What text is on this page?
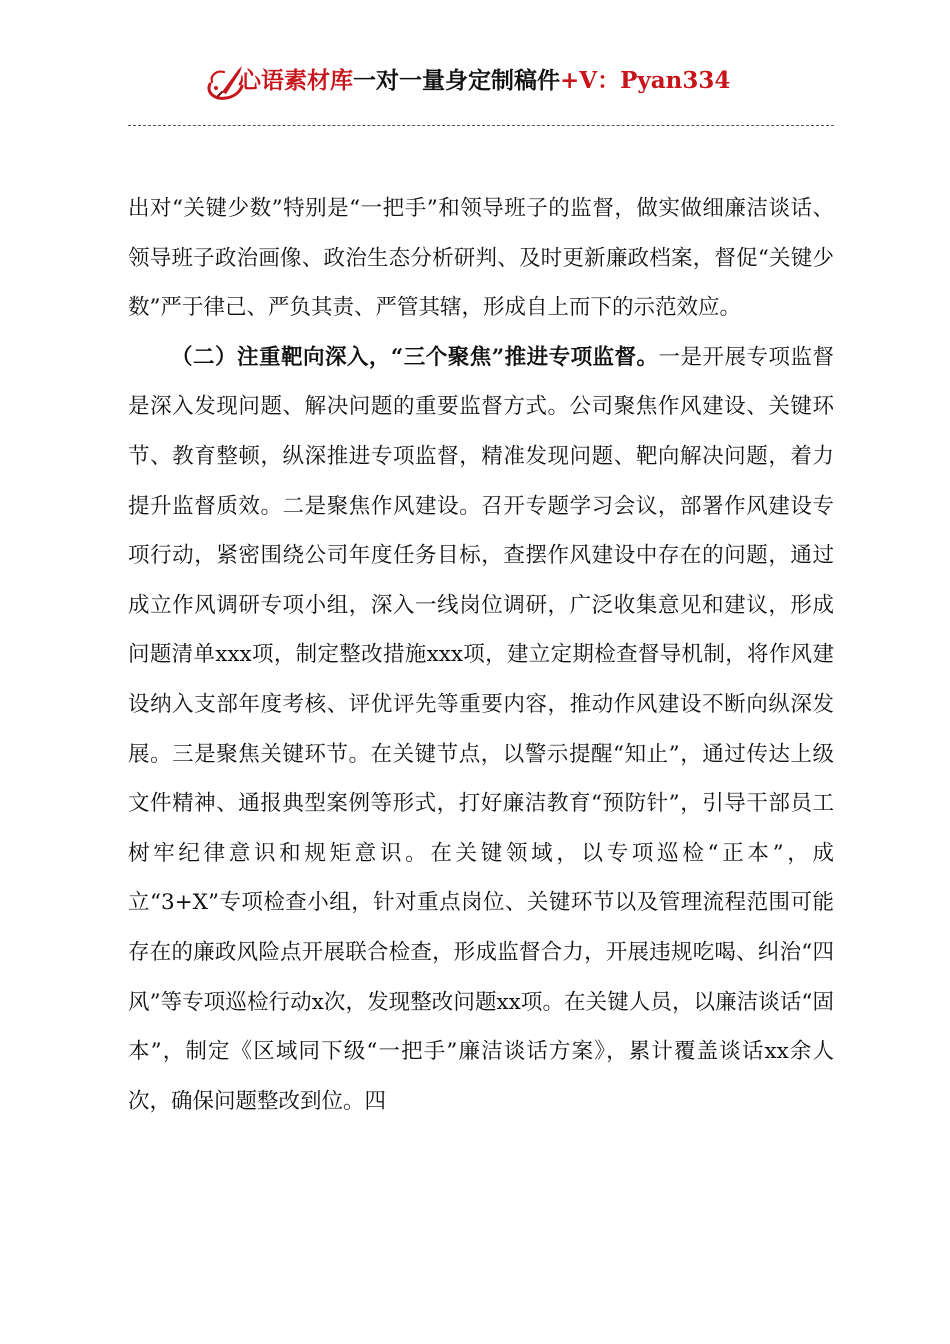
心语素材库一对一量身定制稿件+V：Pyan334

出对“关键少数”特别是“一把手”和领导班子的监督，做实做细廉洁谈话、领导班子政治画像、政治生态分析研判、及时更新廉政档案，督促“关键少数”严于律己、严负其责、严管其辖，形成自上而下的示范效应。

（二）注重靶向深入，“三个聚焦”推进专项监督。一是开展专项监督是深入发现问题、解决问题的重要监督方式。公司聚焦作风建设、关键环节、教育整顿，纵深推进专项监督，精准发现问题、靶向解决问题，着力提升监督质效。二是聚焦作风建设。召开专题学习会议，部署作风建设专项行动，紧密围绕公司年度任务目标，查摆作风建设中存在的问题，通过成立作风调研专项小组，深入一线岗位调研，广泛收集意见和建议，形成问题清单xxx项，制定整改措施xxx项，建立定期检查督导机制，将作风建设纳入支部年度考核、评优评先等重要内容，推动作风建设不断向纵深发展。三是聚焦关键环节。在关键节点，以警示提醒“知止”，通过传达上级文件精神、通报典型案例等形式，打好廉洁教育“预防针”，引导干部员工树牢纪律意识和规矩意识。在关键领域，以专项巡检“正本”，成立“3+X”专项检查小组，针对重点岗位、关键环节以及管理流程范围可能存在的廉政风险点开展联合检查，形成监督合力，开展违规吃喝、纠治“四风”等专项巡检行动x次，发现整改问题xx项。在关键人员，以廉洁谈话“固本”，制定《区域同下级“一把手”廉洁谈话方案》，累计覆盖谈话xx余人次，确保问题整改到位。四
